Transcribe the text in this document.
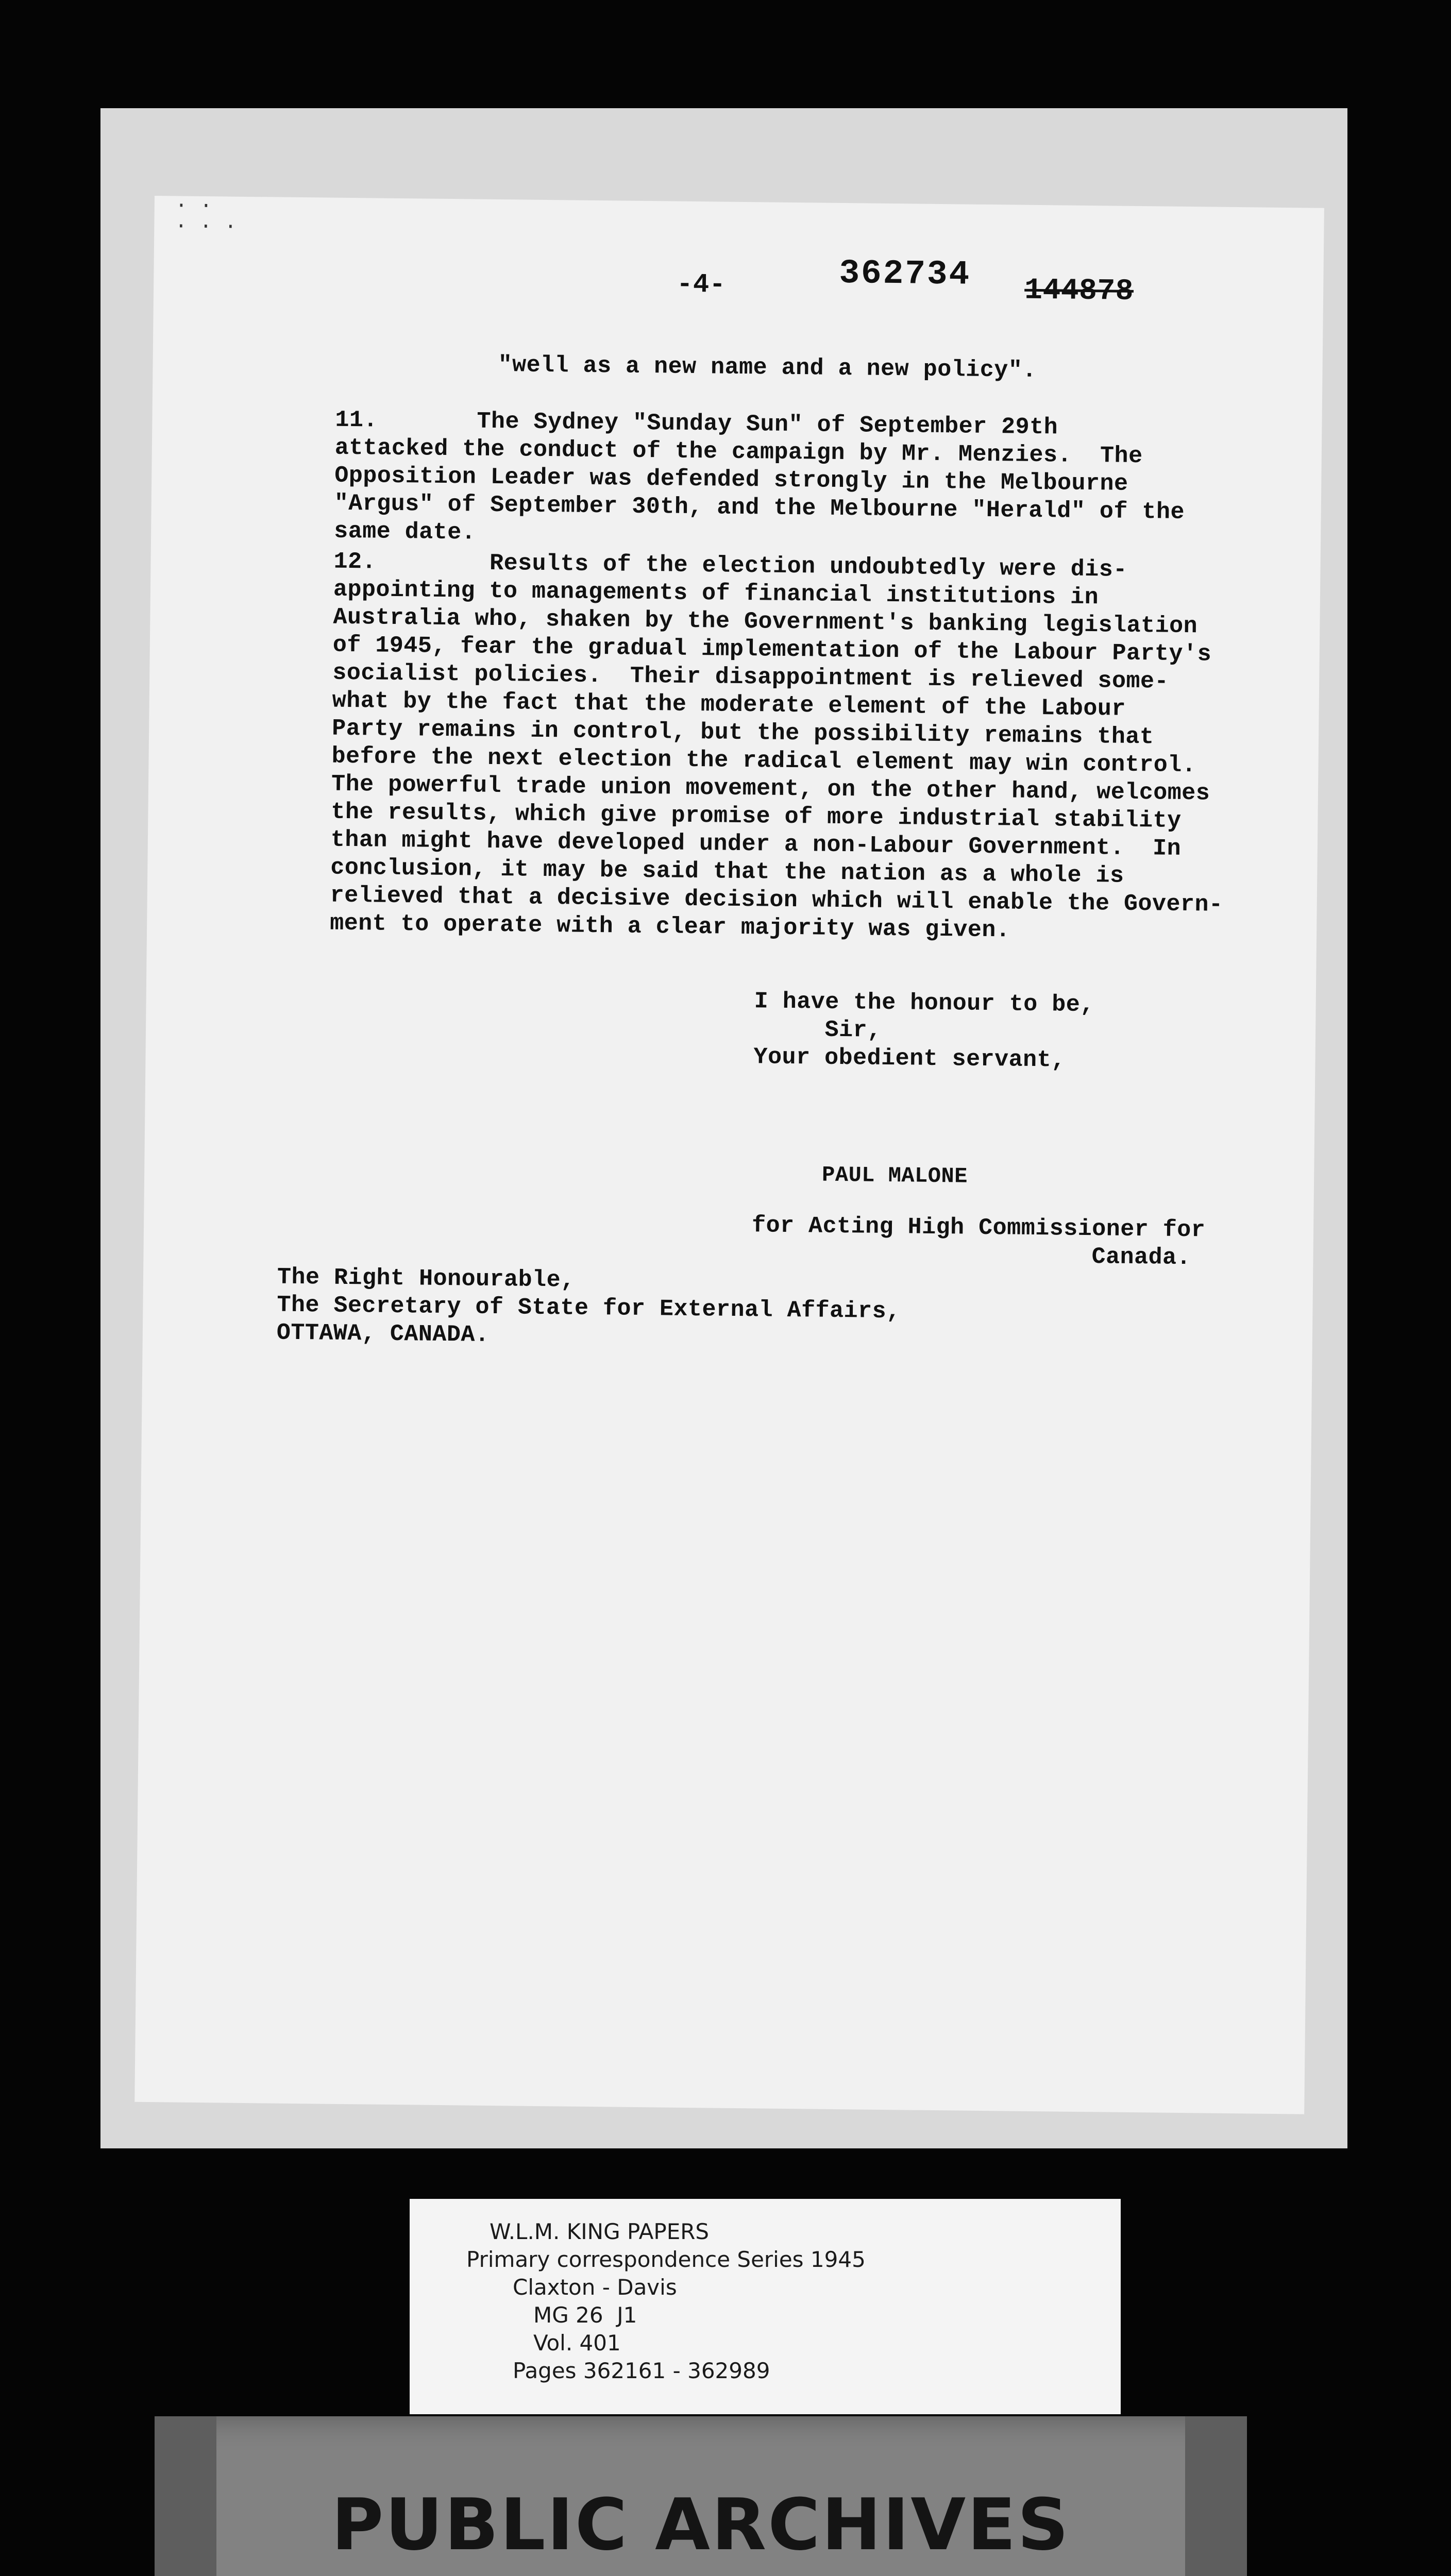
· ·
· · ·
-4-	362734 144878
"well as a new name and a new policy".
11.       The Sydney "Sunday Sun" of September 29th
attacked the conduct of the campaign by Mr. Menzies.  The
Opposition Leader was defended strongly in the Melbourne
"Argus" of September 30th, and the Melbourne "Herald" of the
same date.
12.        Results of the election undoubtedly were dis-
appointing to managements of financial institutions in
Australia who, shaken by the Government's banking legislation
of 1945, fear the gradual implementation of the Labour Party's
socialist policies.  Their disappointment is relieved some-
what by the fact that the moderate element of the Labour
Party remains in control, but the possibility remains that
before the next election the radical element may win control.
The powerful trade union movement, on the other hand, welcomes
the results, which give promise of more industrial stability
than might have developed under a non-Labour Government.  In
conclusion, it may be said that the nation as a whole is
relieved that a decisive decision which will enable the Govern-
ment to operate with a clear majority was given.
I have the honour to be,
Sir,
Your obedient servant,
PAUL MALONE
for Acting High Commissioner for
Canada.
The Right Honourable,
The Secretary of State for External Affairs,
OTTAWA, CANADA.
W.L.M. KING PAPERS
Primary correspondence Series 1945
Claxton - Davis
MG 26  J1
Vol. 401
Pages 362161 - 362989
PUBLIC ARCHIVES
